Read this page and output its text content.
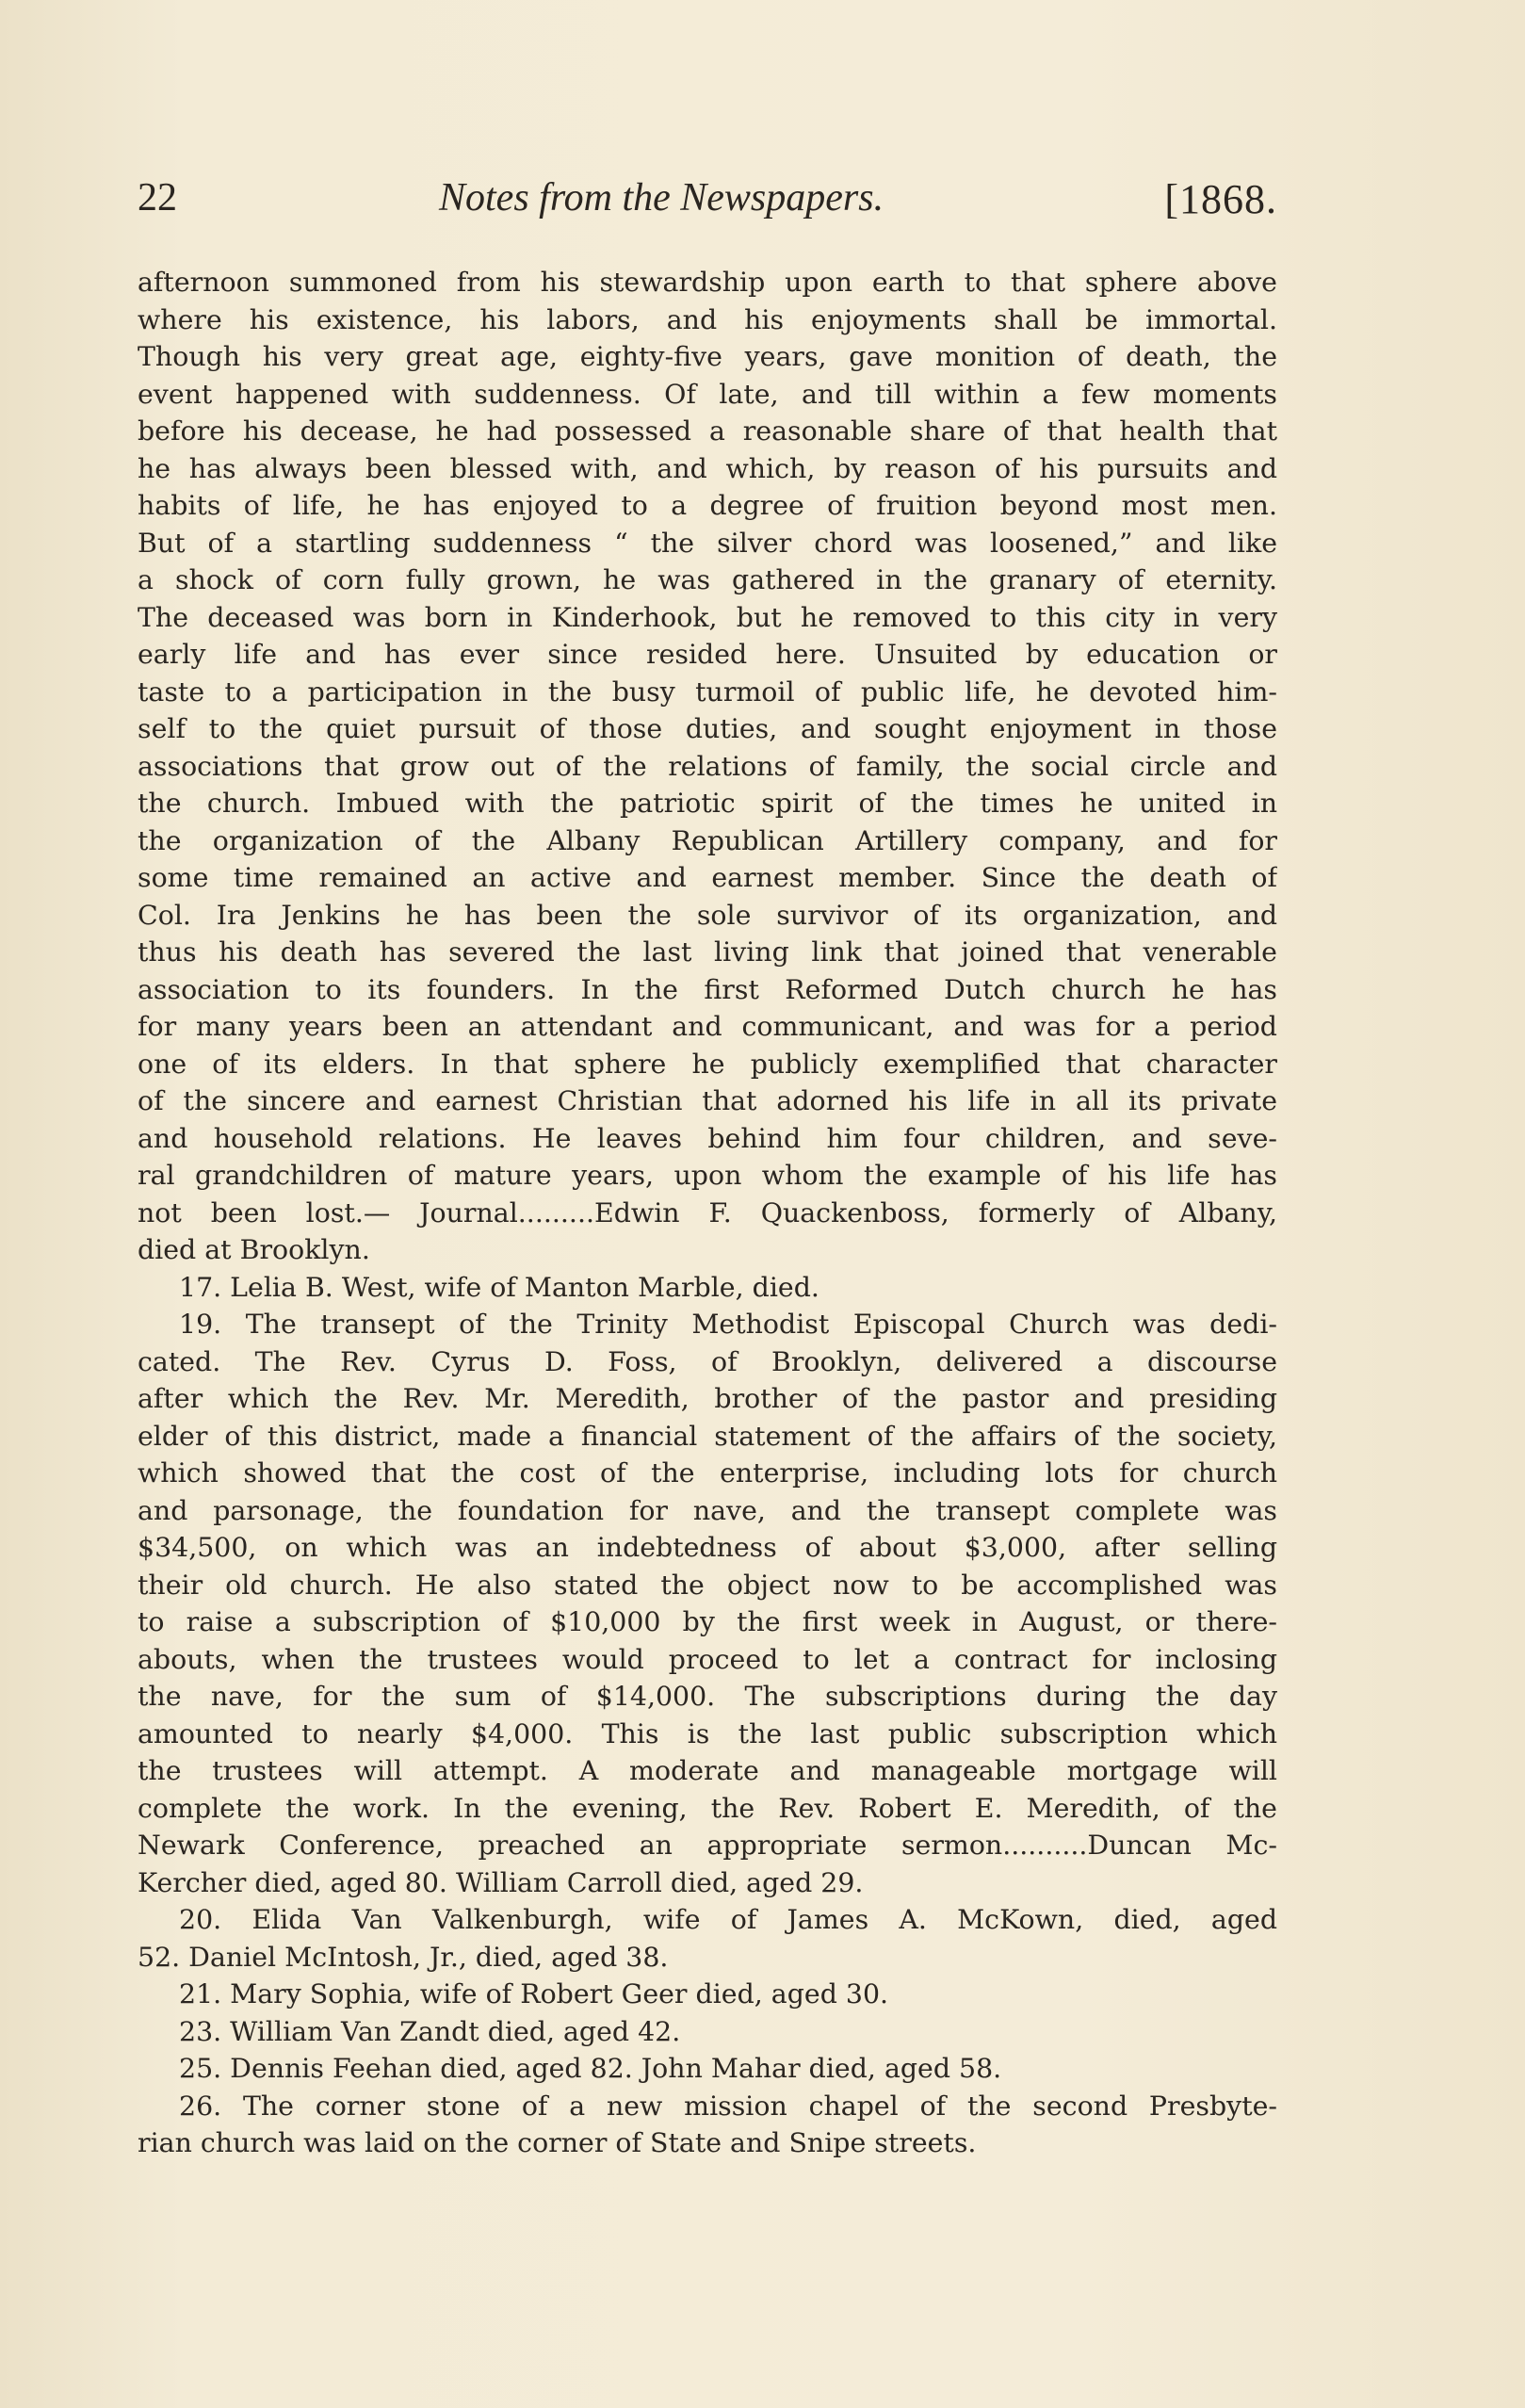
22	Notes from the Newspapers.	[1868.
afternoon summoned from his stewardship upon earth to that sphere above
where his existence, his labors, and his enjoyments shall be immortal.
Though his very great age, eighty-five years, gave monition of death, the
event happened with suddenness. Of late, and till within a few moments
before his decease, he had possessed a reasonable share of that health that
he has always been blessed with, and which, by reason of his pursuits and
habits of life, he has enjoyed to a degree of fruition beyond most men.
But of a startling suddenness “ the silver chord was loosened,” and like
a shock of corn fully grown, he was gathered in the granary of eternity.
The deceased was born in Kinderhook, but he removed to this city in very
early life and has ever since resided here. Unsuited by education or
taste to a participation in the busy turmoil of public life, he devoted him-
self to the quiet pursuit of those duties, and sought enjoyment in those
associations that grow out of the relations of family, the social circle and
the church. Imbued with the patriotic spirit of the times he united in
the organization of the Albany Republican Artillery company, and for
some time remained an active and earnest member. Since the death of
Col. Ira Jenkins he has been the sole survivor of its organization, and
thus his death has severed the last living link that joined that venerable
association to its founders. In the first Reformed Dutch church he has
for many years been an attendant and communicant, and was for a period
one of its elders. In that sphere he publicly exemplified that character
of the sincere and earnest Christian that adorned his life in all its private
and household relations. He leaves behind him four children, and seve-
ral grandchildren of mature years, upon whom the example of his life has
not been lost.— Journal.........Edwin F. Quackenboss, formerly of Albany,
died at Brooklyn.
17. Lelia B. West, wife of Manton Marble, died.
19. The transept of the Trinity Methodist Episcopal Church was dedi-
cated. The Rev. Cyrus D. Foss, of Brooklyn, delivered a discourse
after which the Rev. Mr. Meredith, brother of the pastor and presiding
elder of this district, made a financial statement of the affairs of the society,
which showed that the cost of the enterprise, including lots for church
and parsonage, the foundation for nave, and the transept complete was
$34,500, on which was an indebtedness of about $3,000, after selling
their old church. He also stated the object now to be accomplished was
to raise a subscription of $10,000 by the first week in August, or there-
abouts, when the trustees would proceed to let a contract for inclosing
the nave, for the sum of $14,000. The subscriptions during the day
amounted to nearly $4,000. This is the last public subscription which
the trustees will attempt. A moderate and manageable mortgage will
complete the work. In the evening, the Rev. Robert E. Meredith, of the
Newark Conference, preached an appropriate sermon..........Duncan Mc-
Kercher died, aged 80. William Carroll died, aged 29.
20. Elida Van Valkenburgh, wife of James A. McKown, died, aged
52. Daniel McIntosh, Jr., died, aged 38.
21. Mary Sophia, wife of Robert Geer died, aged 30.
23. William Van Zandt died, aged 42.
25. Dennis Feehan died, aged 82. John Mahar died, aged 58.
26. The corner stone of a new mission chapel of the second Presbyte-
rian church was laid on the corner of State and Snipe streets.
